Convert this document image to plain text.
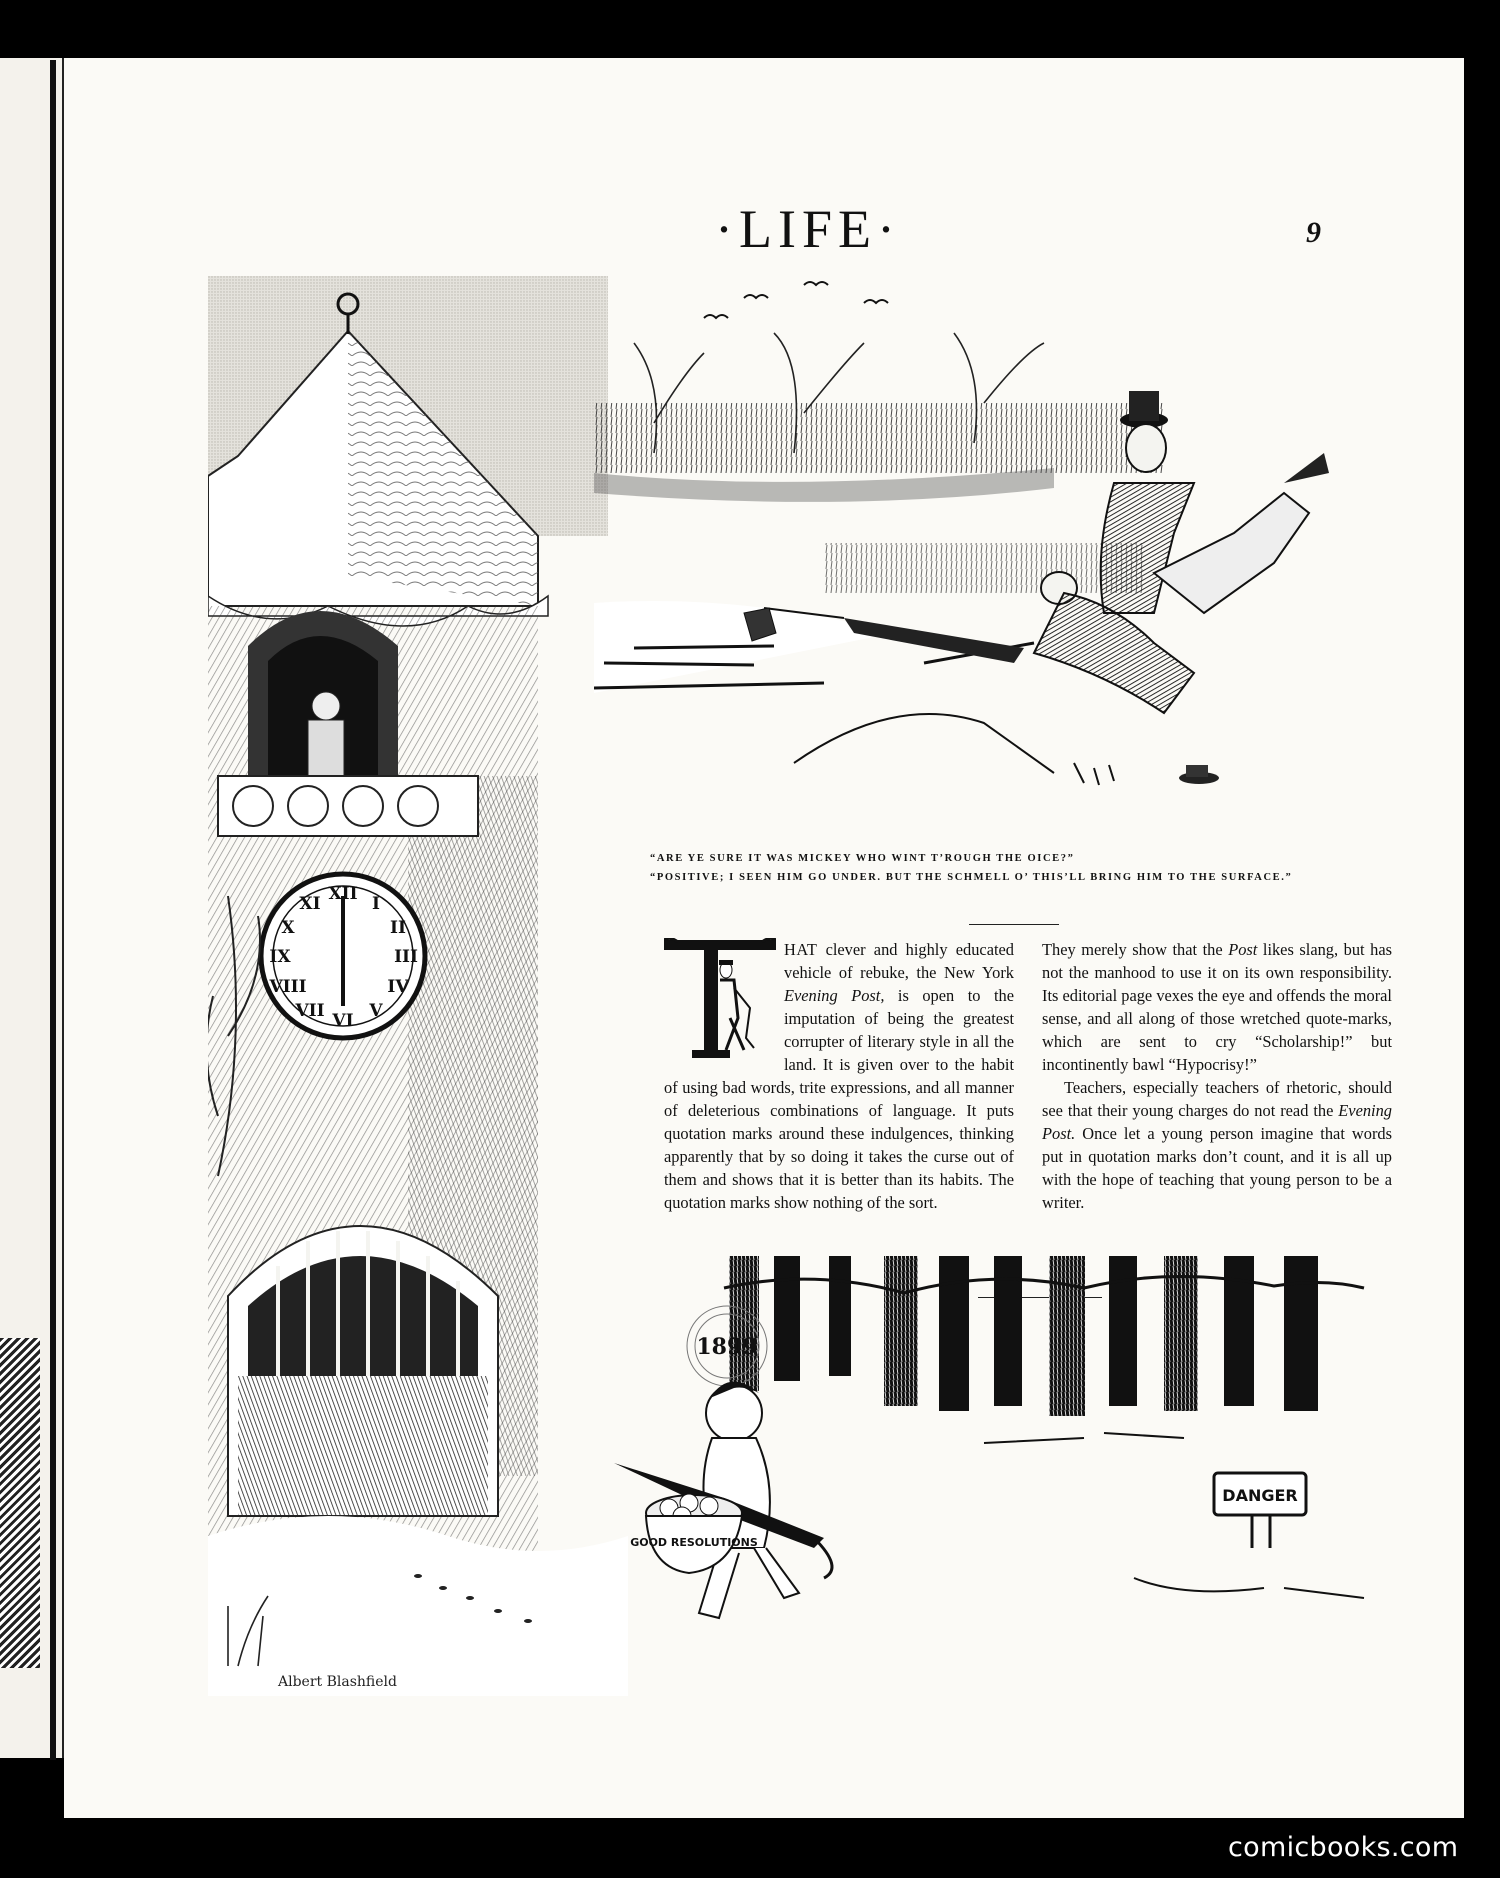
·LIFE·	9
XII I
II
III
IV
V
VI
VII
VIII
IX
X
XI
Albert Blashfield

“ARE YE SURE IT WAS MICKEY WHO WINT T’ROUGH THE OICE?”

“POSITIVE; I SEEN HIM GO UNDER. BUT THE SCHMELL O’ THIS’LL BRING HIM TO THE SURFACE.”

HAT clever and highly educated vehicle of rebuke, the New York Evening Post, is open to the imputation of being the greatest corrupter of literary style in all the land. It is given over to the habit of using bad words, trite expressions, and all manner of deleterious combinations of language. It puts quotation marks around these indulgences, thinking apparently that by so doing it takes the curse out of them and shows that it is better than its habits. The quotation marks show nothing of the sort.

They merely show that the Post likes slang, but has not the manhood to use it on its own responsibility. Its editorial page vexes the eye and offends the moral sense, and all along of those wretched quote-marks, which are sent to cry “Scholarship!” but incontinently bawl “Hypocrisy!”

Teachers, especially teachers of rhetoric, should see that their young charges do not read the Evening Post. Once let a young person imagine that words put in quotation marks don’t count, and it is all up with the hope of teaching that young person to be a writer.

1899
GOOD RESOLUTIONS
DANGER
comicbooks.com
